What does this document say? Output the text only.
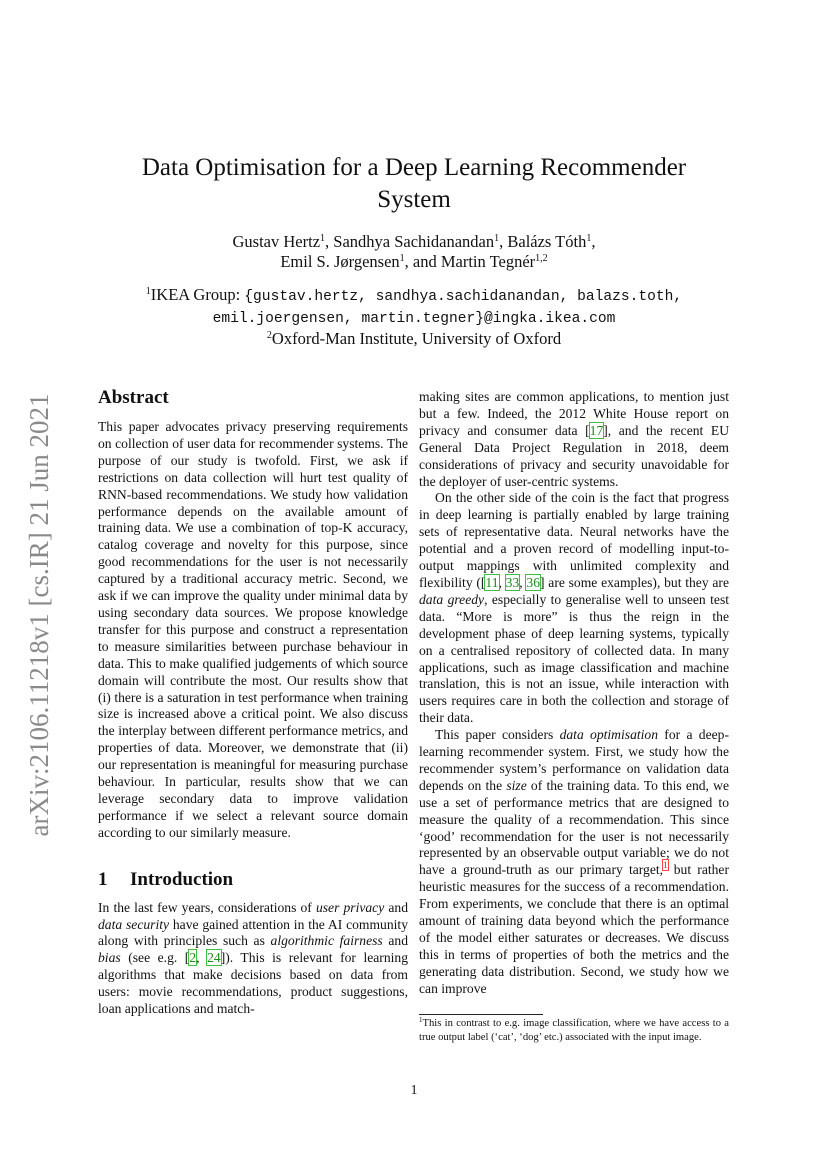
arXiv:2106.11218v1 [cs.IR] 21 Jun 2021
Data Optimisation for a Deep Learning Recommender
System
Gustav Hertz$^1$, Sandhya Sachidanandan$^1$, Balázs Tóth$^1$,
Emil S. Jørgensen$^1$, and Martin Tegnér$^{1,2}$
$^1$IKEA Group: {gustav.hertz, sandhya.sachidanandan, balazs.toth,
emil.joergensen, martin.tegner}@ingka.ikea.com
$^2$Oxford-Man Institute, University of Oxford
Abstract

This paper advocates privacy preserving requirements on collection of user data for recommender systems. The purpose of our study is twofold. First, we ask if restrictions on data collection will hurt test quality of RNN-based recommendations. We study how validation performance depends on the available amount of training data. We use a combination of top-K accuracy, catalog coverage and novelty for this purpose, since good recommendations for the user is not necessarily captured by a traditional accuracy metric. Second, we ask if we can improve the quality under minimal data by using secondary data sources. We propose knowledge transfer for this purpose and construct a representation to measure similarities between purchase behaviour in data. This to make qualified judgements of which source domain will contribute the most. Our results show that (i) there is a saturation in test performance when training size is increased above a critical point. We also discuss the interplay between different performance metrics, and properties of data. Moreover, we demonstrate that (ii) our representation is meaningful for measuring purchase behaviour. In particular, results show that we can leverage secondary data to improve validation performance if we select a relevant source domain according to our similarly measure.

1 Introduction

In the last few years, considerations of user privacy and data security have gained attention in the AI community along with principles such as algorithmic fairness and bias (see e.g. [2, 24]). This is relevant for learning algorithms that make decisions based on data from users: movie recommendations, product suggestions, loan applications and match-

making sites are common applications, to mention just but a few. Indeed, the 2012 White House report on privacy and consumer data [17], and the recent EU General Data Project Regulation in 2018, deem considerations of privacy and security unavoidable for the deployer of user-centric systems.

On the other side of the coin is the fact that progress in deep learning is partially enabled by large training sets of representative data. Neural networks have the potential and a proven record of modelling input-to-output mappings with unlimited complexity and flexibility ([11, 33, 36] are some examples), but they are data greedy, especially to generalise well to unseen test data. “More is more” is thus the reign in the development phase of deep learning systems, typically on a centralised repository of collected data. In many applications, such as image classification and machine translation, this is not an issue, while interaction with users requires care in both the collection and storage of their data.

This paper considers data optimisation for a deep-learning recommender system. First, we study how the recommender system’s performance on validation data depends on the size of the training data. To this end, we use a set of performance metrics that are designed to measure the quality of a recommendation. This since ‘good’ recommendation for the user is not necessarily represented by an observable output variable; we do not have a ground-truth as our primary target,$^1$ but rather heuristic measures for the success of a recommendation. From experiments, we conclude that there is an optimal amount of training data beyond which the performance of the model either saturates or decreases. We discuss this in terms of properties of both the metrics and the generating data distribution. Second, we study how we can improve

$^1$This in contrast to e.g. image classification, where we have access to a true output label (‘cat’, ‘dog’ etc.) associated with the input image.
1
